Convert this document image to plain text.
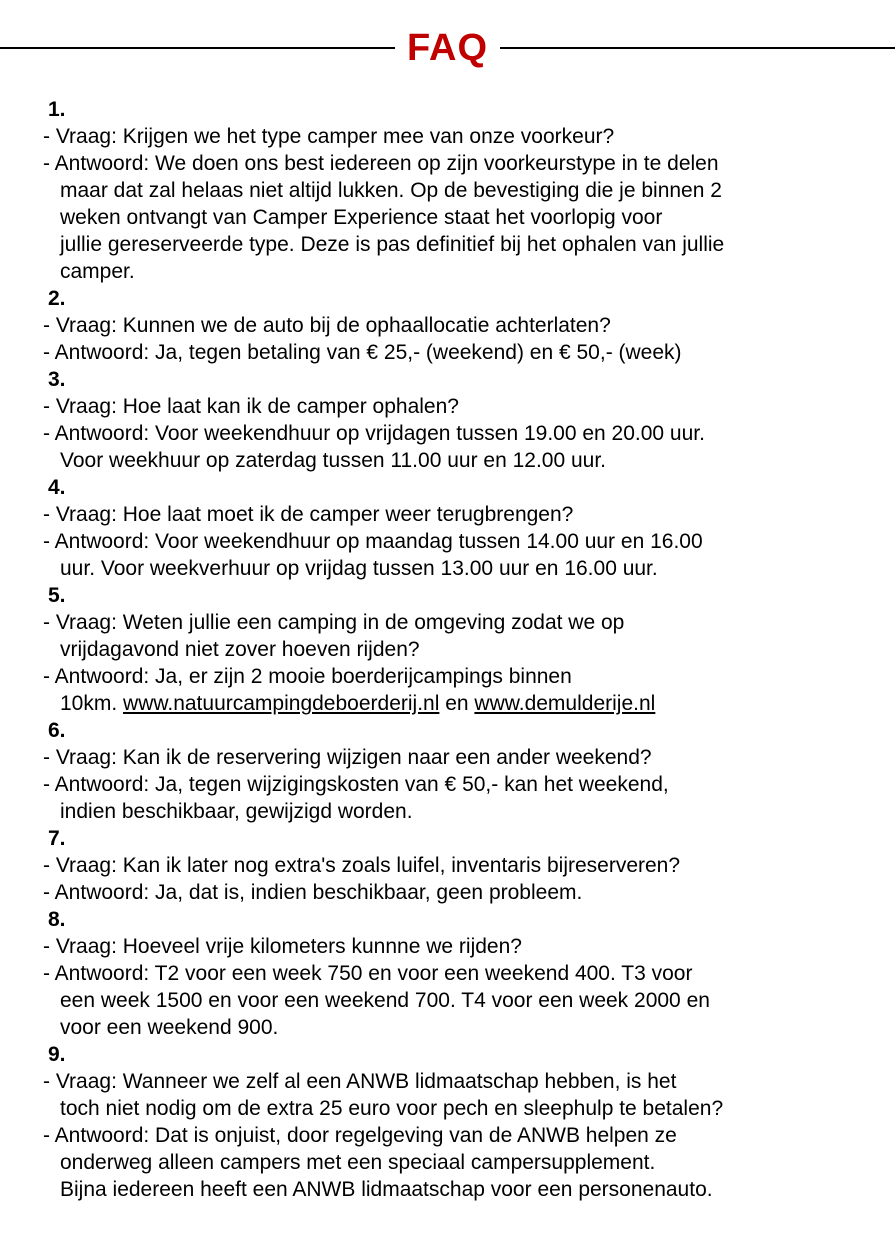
FAQ
1.
- Vraag: Krijgen we het type camper mee van onze voorkeur?
- Antwoord: We doen ons best iedereen op zijn voorkeurstype in te delen
maar dat zal helaas niet altijd lukken. Op de bevestiging die je binnen 2
weken ontvangt van Camper Experience staat het voorlopig voor
jullie gereserveerde type. Deze is pas definitief bij het ophalen van jullie
camper.
2.
- Vraag: Kunnen we de auto bij de ophaallocatie achterlaten?
- Antwoord: Ja, tegen betaling van € 25,- (weekend) en € 50,- (week)
3.
- Vraag: Hoe laat kan ik de camper ophalen?
- Antwoord: Voor weekendhuur op vrijdagen tussen 19.00 en 20.00 uur.
Voor weekhuur op zaterdag tussen 11.00 uur en 12.00 uur.
4.
- Vraag: Hoe laat moet ik de camper weer terugbrengen?
- Antwoord: Voor weekendhuur op maandag tussen 14.00 uur en 16.00
uur. Voor weekverhuur op vrijdag tussen 13.00 uur en 16.00 uur.
5.
- Vraag: Weten jullie een camping in de omgeving zodat we op
vrijdagavond niet zover hoeven rijden?
- Antwoord: Ja, er zijn 2 mooie boerderijcampings binnen
10km. www.natuurcampingdeboerderij.nl en www.demulderije.nl
6.
- Vraag: Kan ik de reservering wijzigen naar een ander weekend?
- Antwoord: Ja, tegen wijzigingskosten van € 50,- kan het weekend,
indien beschikbaar, gewijzigd worden.
7.
- Vraag: Kan ik later nog extra's zoals luifel, inventaris bijreserveren?
- Antwoord: Ja, dat is, indien beschikbaar, geen probleem.
8.
- Vraag: Hoeveel vrije kilometers kunnne we rijden?
- Antwoord: T2 voor een week 750 en voor een weekend 400. T3 voor
een week 1500 en voor een weekend 700. T4 voor een week 2000 en
voor een weekend 900.
9.
- Vraag: Wanneer we zelf al een ANWB lidmaatschap hebben, is het
toch niet nodig om de extra 25 euro voor pech en sleephulp te betalen?
- Antwoord: Dat is onjuist, door regelgeving van de ANWB helpen ze
onderweg alleen campers met een speciaal campersupplement.
Bijna iedereen heeft een ANWB lidmaatschap voor een personenauto.
